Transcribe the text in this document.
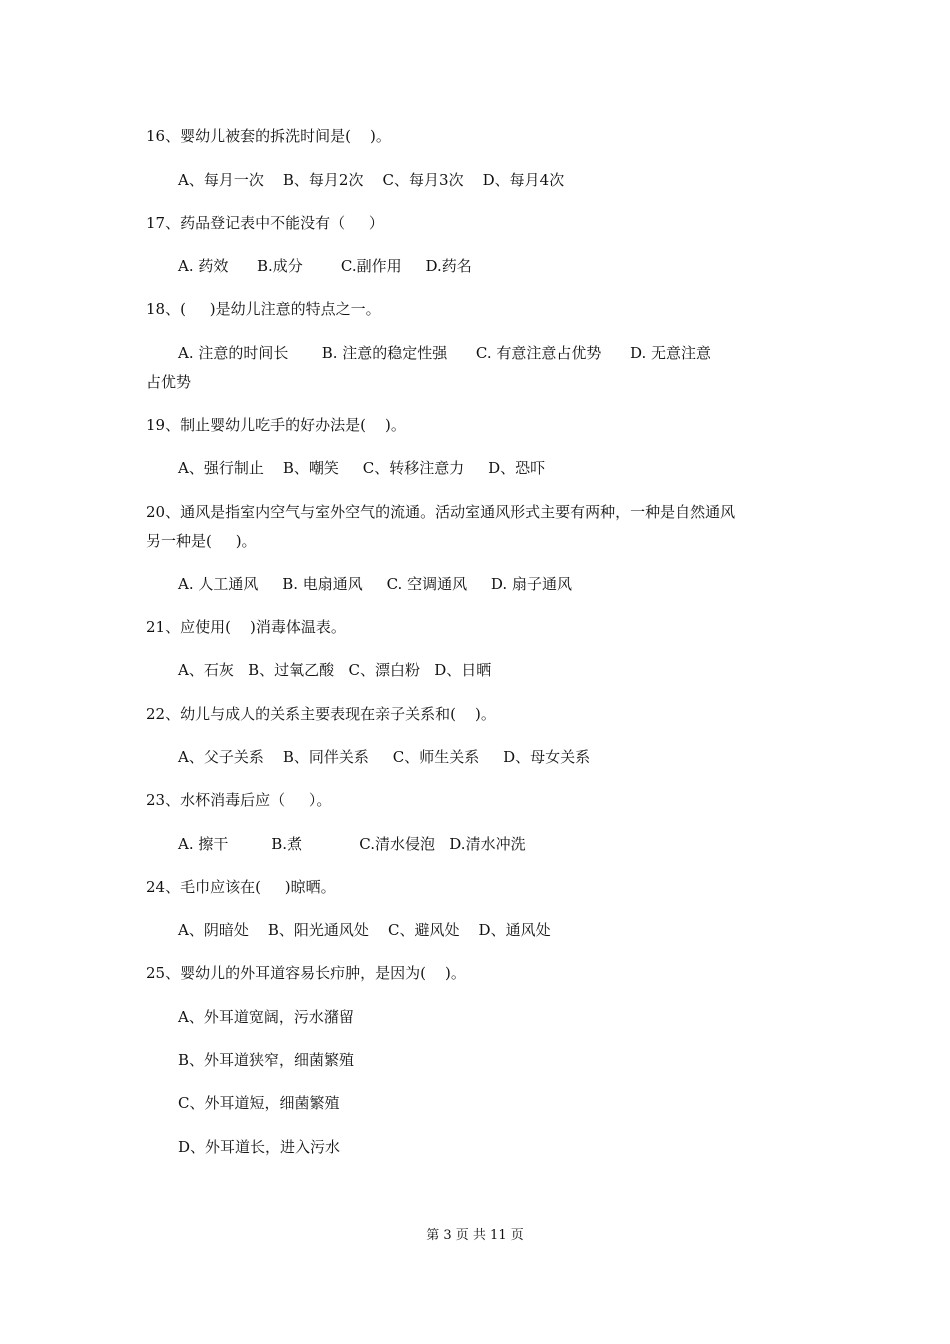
16、婴幼儿被套的拆洗时间是(    )。
A、每月一次    B、每月2次    C、每月3次    D、每月4次
17、药品登记表中不能没有（     ）
A. 药效      B.成分        C.副作用     D.药名
18、(     )是幼儿注意的特点之一。
A. 注意的时间长       B. 注意的稳定性强      C. 有意注意占优势      D. 无意注意
占优势
19、制止婴幼儿吃手的好办法是(    )。
A、强行制止    B、嘲笑     C、转移注意力     D、恐吓
20、通风是指室内空气与室外空气的流通。活动室通风形式主要有两种，一种是自然通风
另一种是(     )。
A. 人工通风     B. 电扇通风     C. 空调通风     D. 扇子通风
21、应使用(    )消毒体温表。
A、石灰   B、过氧乙酸   C、漂白粉   D、日晒
22、幼儿与成人的关系主要表现在亲子关系和(    )。
A、父子关系    B、同伴关系     C、师生关系     D、母女关系
23、水杯消毒后应（     ）。
A. 擦干         B.煮            C.清水侵泡   D.清水冲洗
24、毛巾应该在(     )晾晒。
A、阴暗处    B、阳光通风处    C、避风处    D、通风处
25、婴幼儿的外耳道容易长疖肿，是因为(    )。
A、外耳道宽阔，污水潴留
B、外耳道狭窄，细菌繁殖
C、外耳道短，细菌繁殖
D、外耳道长，进入污水
第 3 页 共 11 页
